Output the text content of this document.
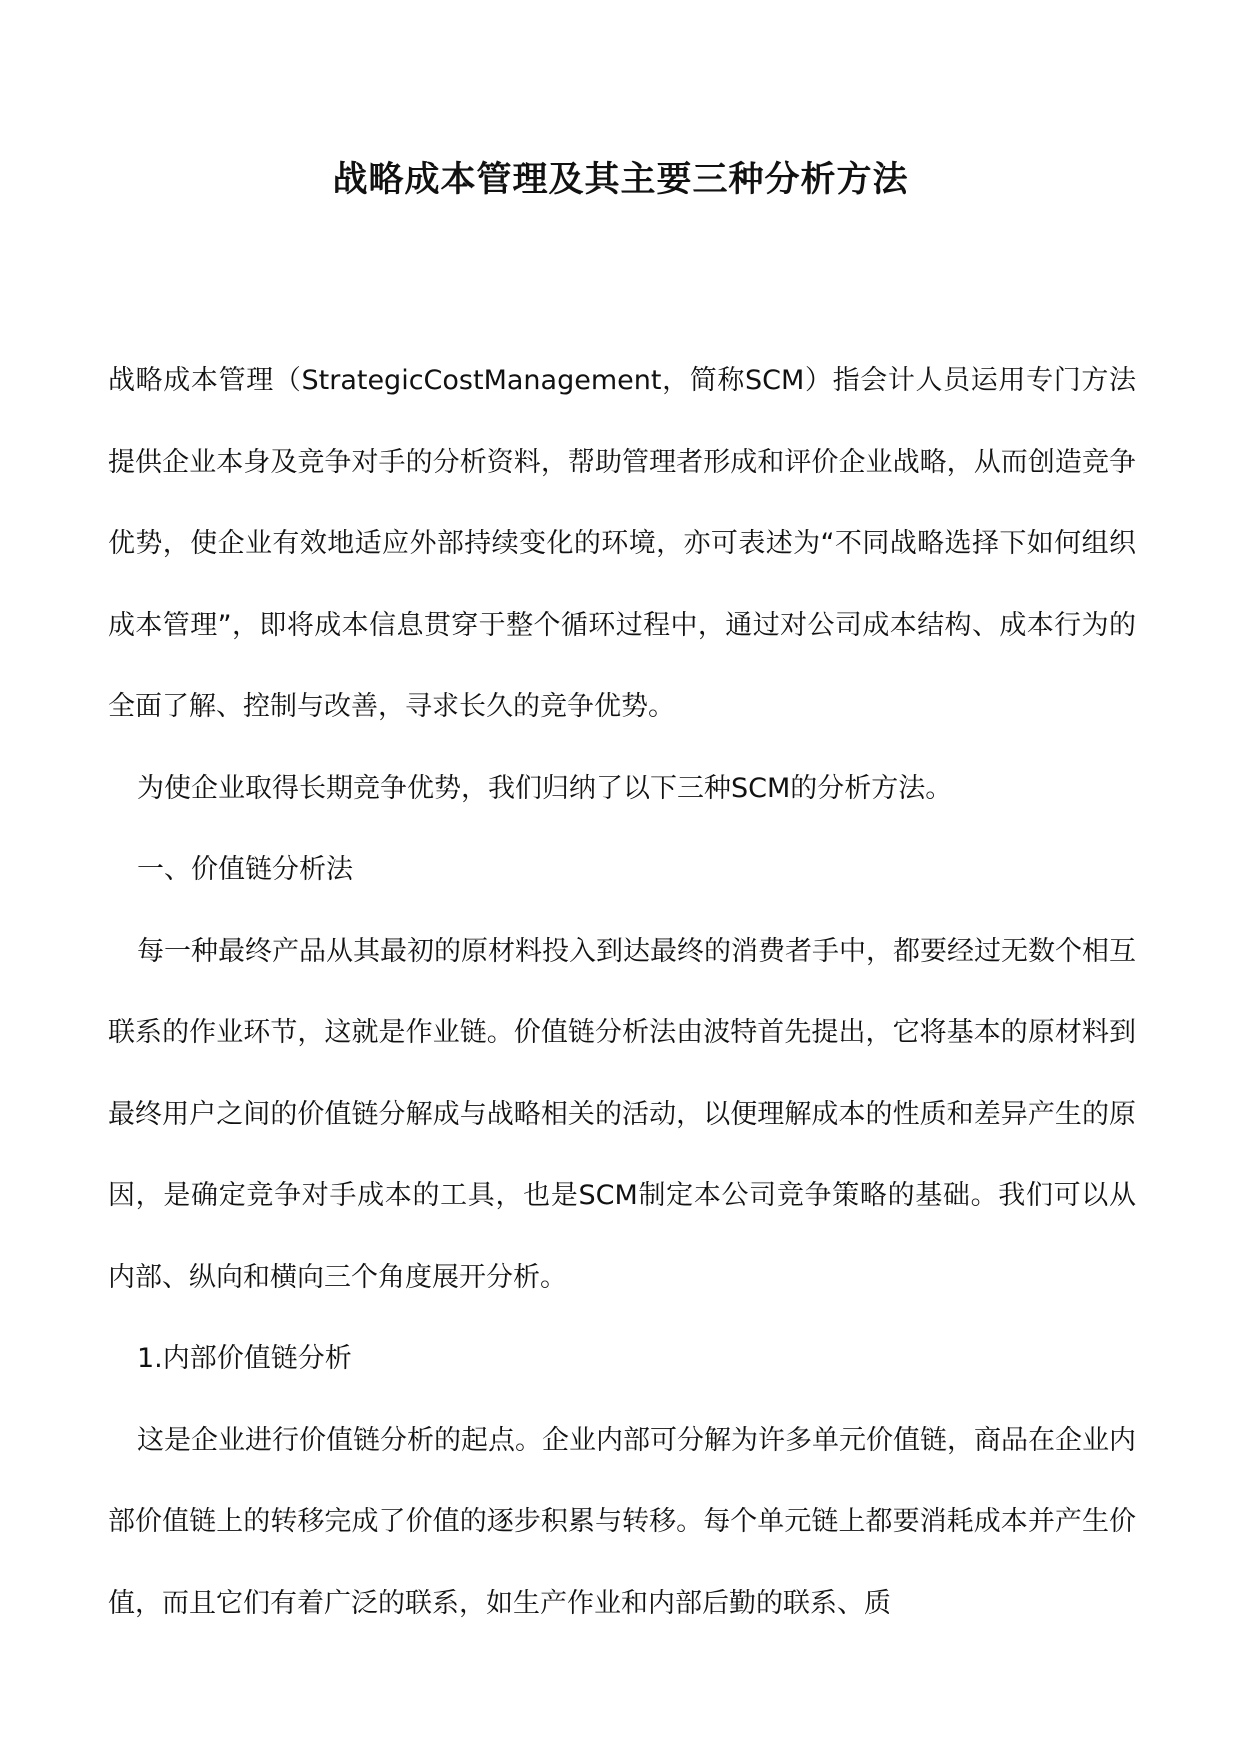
战略成本管理及其主要三种分析方法

战略成本管理（StrategicCostManagement，简称SCM）指会计人员运用专门方法提供企业本身及竞争对手的分析资料，帮助管理者形成和评价企业战略，从而创造竞争优势，使企业有效地适应外部持续变化的环境，亦可表述为“不同战略选择下如何组织成本管理”，即将成本信息贯穿于整个循环过程中，通过对公司成本结构、成本行为的全面了解、控制与改善，寻求长久的竞争优势。

为使企业取得长期竞争优势，我们归纳了以下三种SCM的分析方法。

一、价值链分析法

每一种最终产品从其最初的原材料投入到达最终的消费者手中，都要经过无数个相互联系的作业环节，这就是作业链。价值链分析法由波特首先提出，它将基本的原材料到最终用户之间的价值链分解成与战略相关的活动，以便理解成本的性质和差异产生的原因，是确定竞争对手成本的工具，也是SCM制定本公司竞争策略的基础。我们可以从内部、纵向和横向三个角度展开分析。

1.内部价值链分析

这是企业进行价值链分析的起点。企业内部可分解为许多单元价值链，商品在企业内部价值链上的转移完成了价值的逐步积累与转移。每个单元链上都要消耗成本并产生价值，而且它们有着广泛的联系，如生产作业和内部后勤的联系、质
